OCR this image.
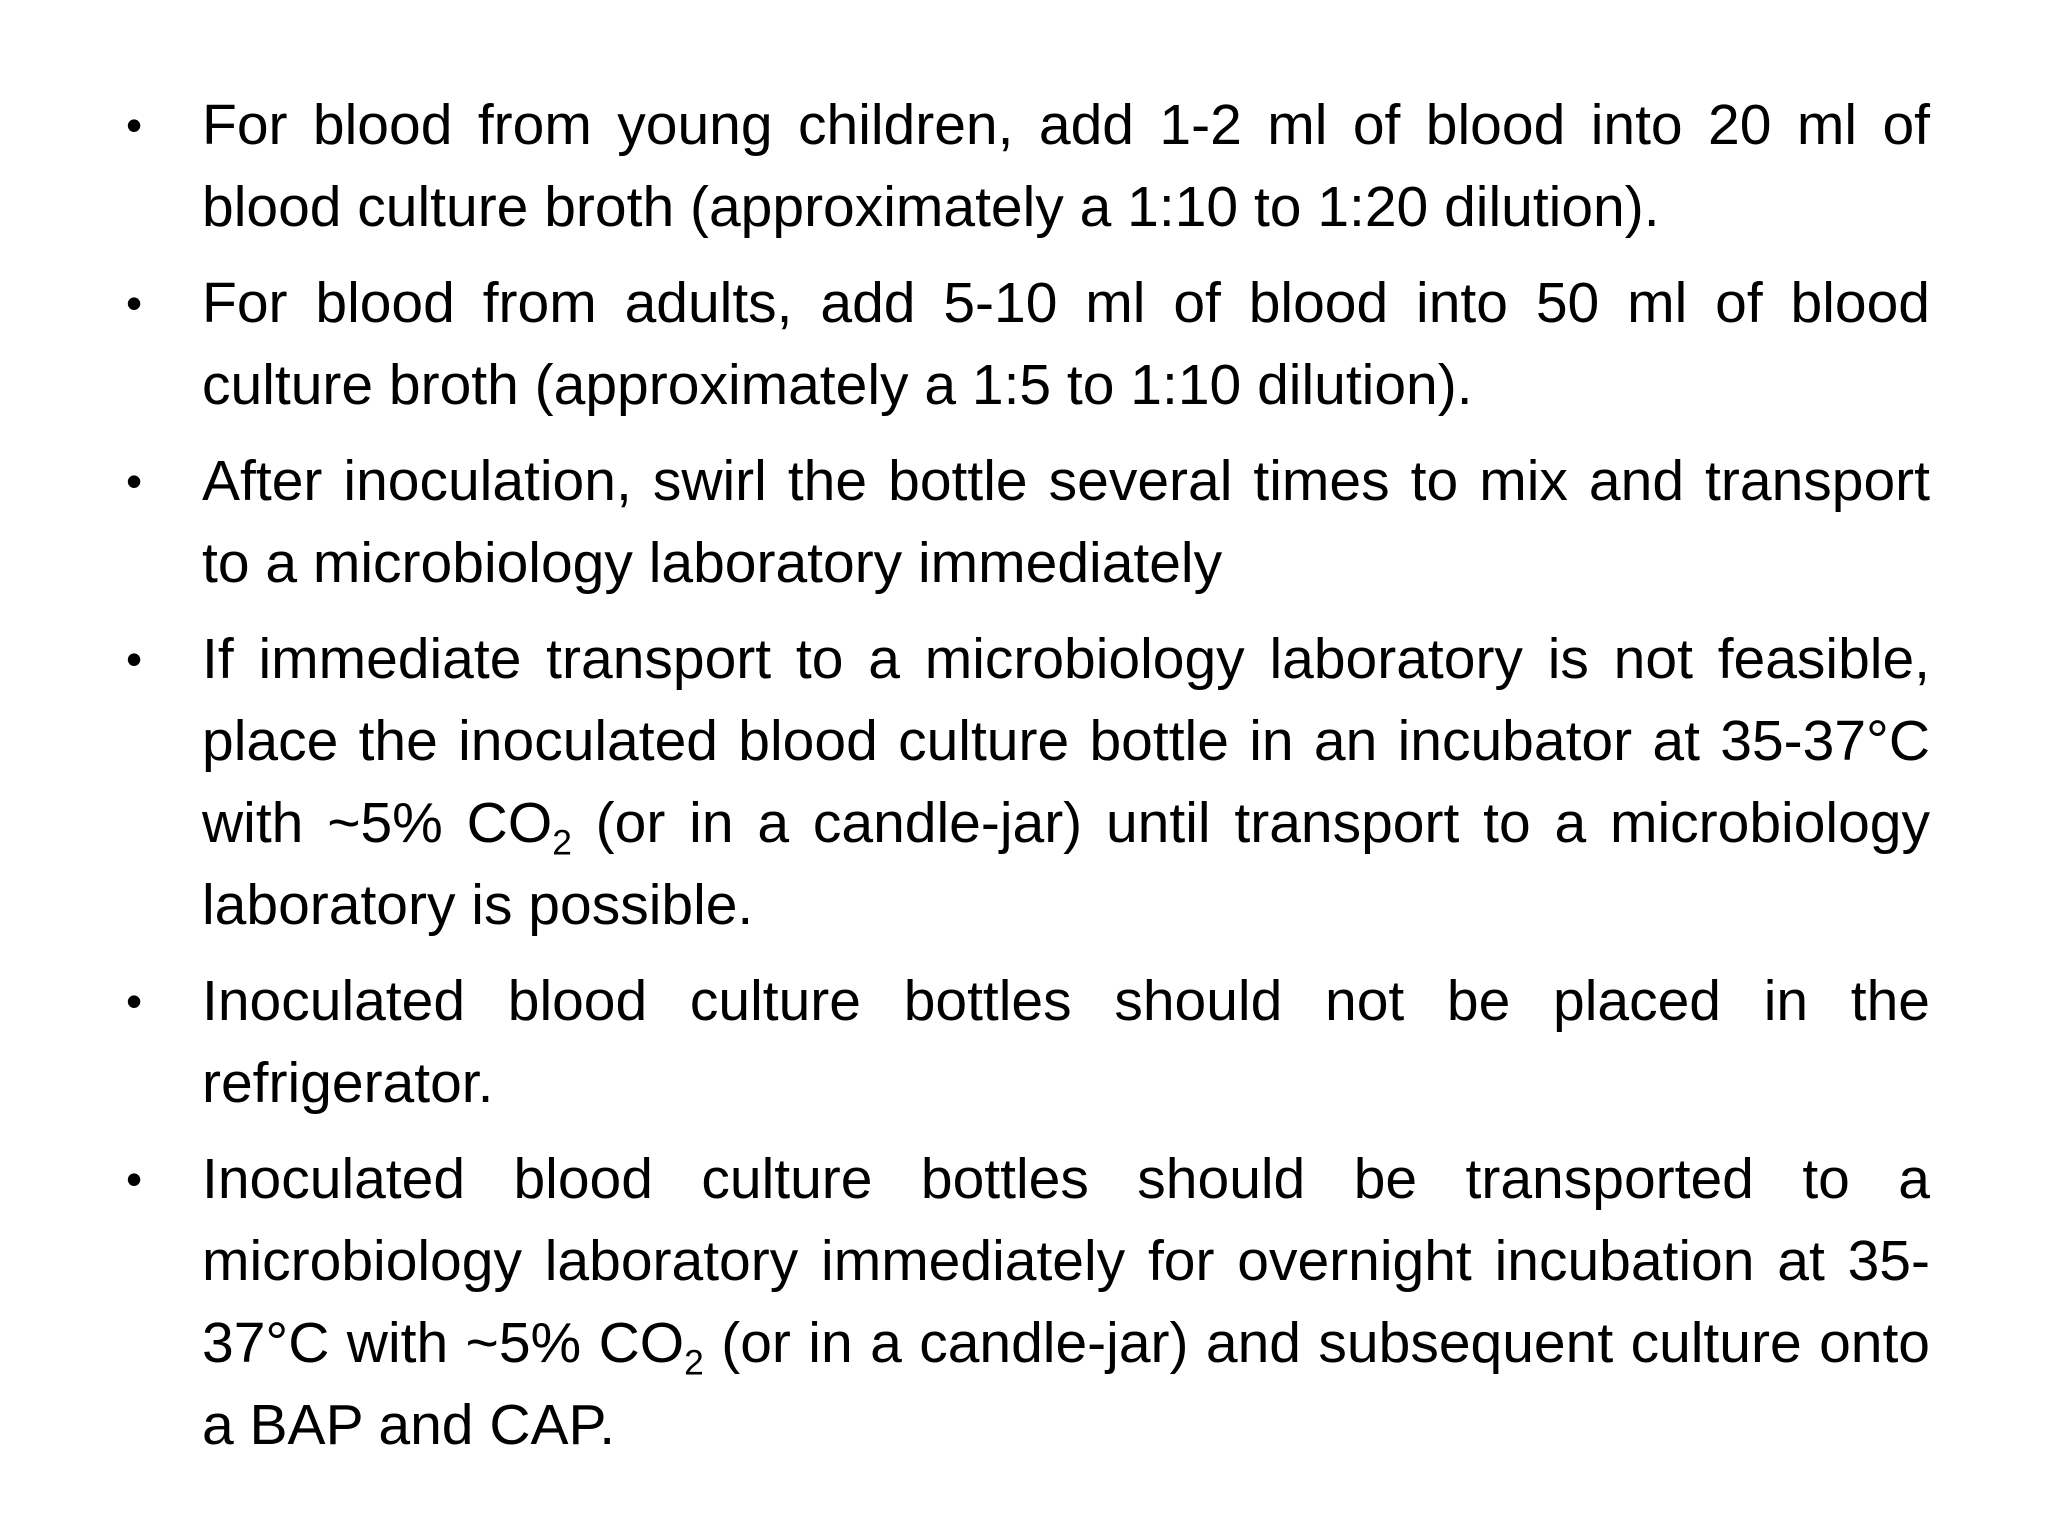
•	For blood from young children, add 1-2 ml of blood into 20 ml of blood culture broth (approximately a 1:10 to 1:20 dilution).
•	For blood from adults, add 5-10 ml of blood into 50 ml of blood culture broth (approximately a 1:5 to 1:10 dilution).
•	After inoculation, swirl the bottle several times to mix and transport to a microbiology laboratory immediately
•	If immediate transport to a microbiology laboratory is not feasible, place the inoculated blood culture bottle in an incubator at 35-37°C with ~5% $CO_2$ (or in a candle-jar) until transport to a microbiology laboratory is possible.
•	Inoculated blood culture bottles should not be placed in the refrigerator.
•	Inoculated blood culture bottles should be transported to a microbiology laboratory immediately for overnight incubation at 35-37°C with ~5% $CO_2$ (or in a candle-jar) and subsequent culture onto a BAP and CAP.
